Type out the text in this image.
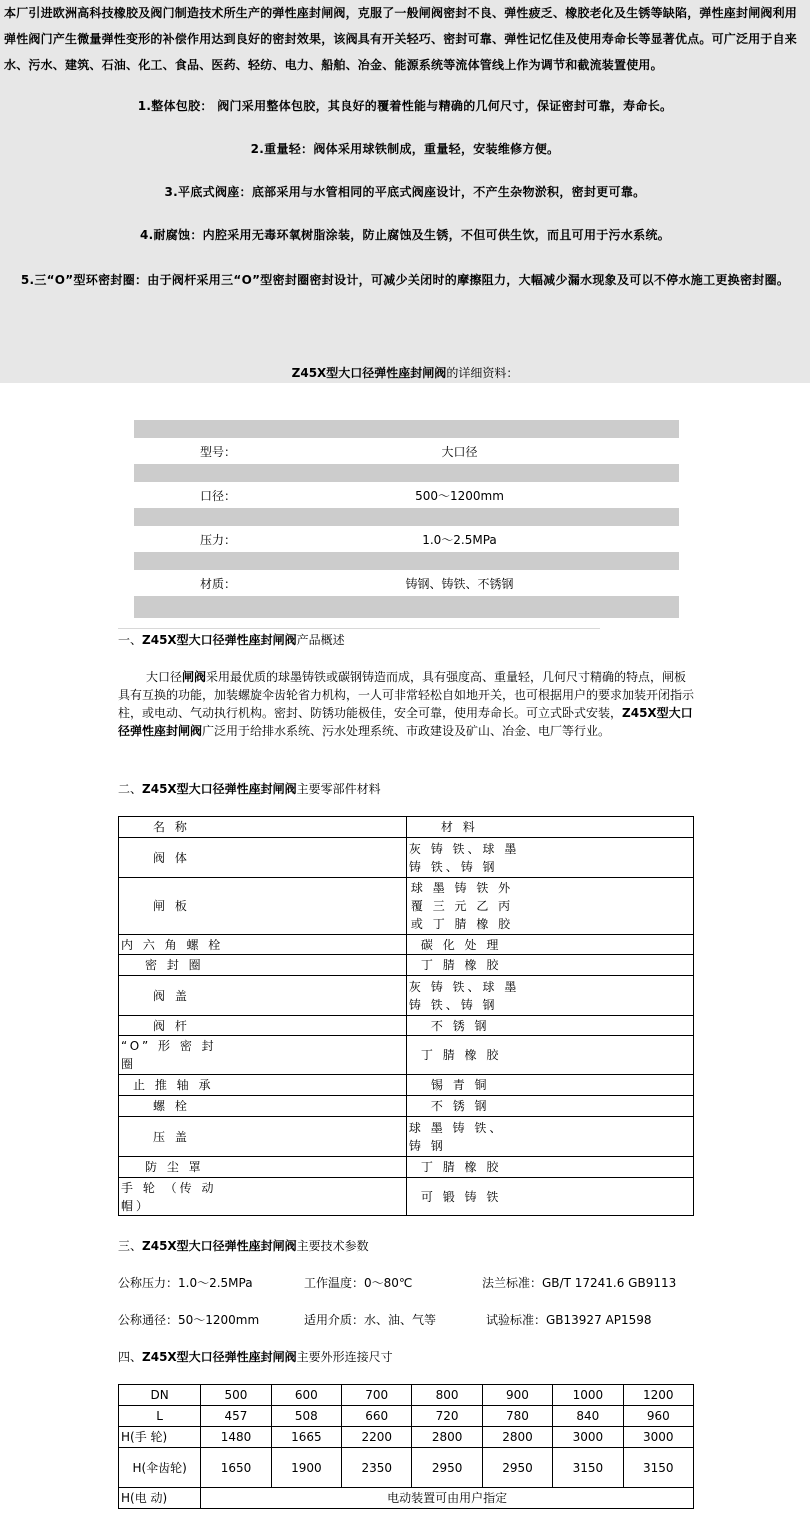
本厂引进欧洲高科技橡胶及阀门制造技术所生产的弹性座封闸阀，克服了一般闸阀密封不良、弹性疲乏、橡胶老化及生锈等缺陷，弹性座封闸阀利用弹性阀门产生微量弹性变形的补偿作用达到良好的密封效果，该阀具有开关轻巧、密封可靠、弹性记忆佳及使用寿命长等显著优点。可广泛用于自来水、污水、建筑、石油、化工、食品、医药、轻纺、电力、船舶、冶金、能源系统等流体管线上作为调节和截流装置使用。

1.整体包胶： 阀门采用整体包胶，其良好的覆着性能与精确的几何尺寸，保证密封可靠，寿命长。

2.重量轻：阀体采用球铁制成，重量轻，安装维修方便。

3.平底式阀座：底部采用与水管相同的平底式阀座设计，不产生杂物淤积，密封更可靠。

4.耐腐蚀：内腔采用无毒环氧树脂涂装，防止腐蚀及生锈，不但可供生饮，而且可用于污水系统。

5.三“O”型环密封圈：由于阀杆采用三“O”型密封圈密封设计，可减少关闭时的摩擦阻力，大幅减少漏水现象及可以不停水施工更换密封圈。

Z45X型大口径弹性座封闸阀的详细资料：
型号：	大口径
口径：	500～1200mm
压力：	1.0～2.5MPa
材质：	铸钢、铸铁、不锈钢
一、Z45X型大口径弹性座封闸阀产品概述

大口径闸阀采用最优质的球墨铸铁或碳钢铸造而成，具有强度高、重量轻，几何尺寸精确的特点，闸板具有互换的功能，加装螺旋伞齿轮省力机构，一人可非常轻松自如地开关，也可根据用户的要求加装开闭指示柱，或电动、气动执行机构。密封、防锈功能极佳，安全可靠，使用寿命长。可立式卧式安装，Z45X型大口径弹性座封闸阀广泛用于给排水系统、污水处理系统、市政建设及矿山、冶金、电厂等行业。

二、Z45X型大口径弹性座封闸阀主要零部件材料
名 称	材 料
阀 体	灰 铸 铁、球 墨 铸 铁、铸 钢
闸 板	球 墨 铸 铁 外 覆 三 元 乙 丙 或 丁 腈 橡 胶
内 六 角 螺 栓	碳 化 处 理
密 封 圈	丁 腈 橡 胶
阀 盖	灰 铸 铁、球 墨 铸 铁、铸 钢
阀 杆	不 锈 钢
“O” 形 密 封 圈	丁 腈 橡 胶
止 推 轴 承	锡 青 铜
螺 栓	不 锈 钢
压 盖	球 墨 铸 铁、铸 钢
防 尘 罩	丁 腈 橡 胶
手 轮 （传 动 帽）	可 锻 铸 铁
三、Z45X型大口径弹性座封闸阀主要技术参数
公称压力：1.0～2.5MPa	工作温度：0～80℃	法兰标准：GB/T 17241.6 GB9113
公称通径：50～1200mm	适用介质：水、油、气等	试验标准：GB13927 AP1598
四、Z45X型大口径弹性座封闸阀主要外形连接尺寸
DN	500	600	700	800	900	1000	1200
L	457	508	660	720	780	840	960
H(手 轮)	1480	1665	2200	2800	2800	3000	3000
H(伞齿轮)	1650	1900	2350	2950	2950	3150	3150
H(电 动)	电动装置可由用户指定						
